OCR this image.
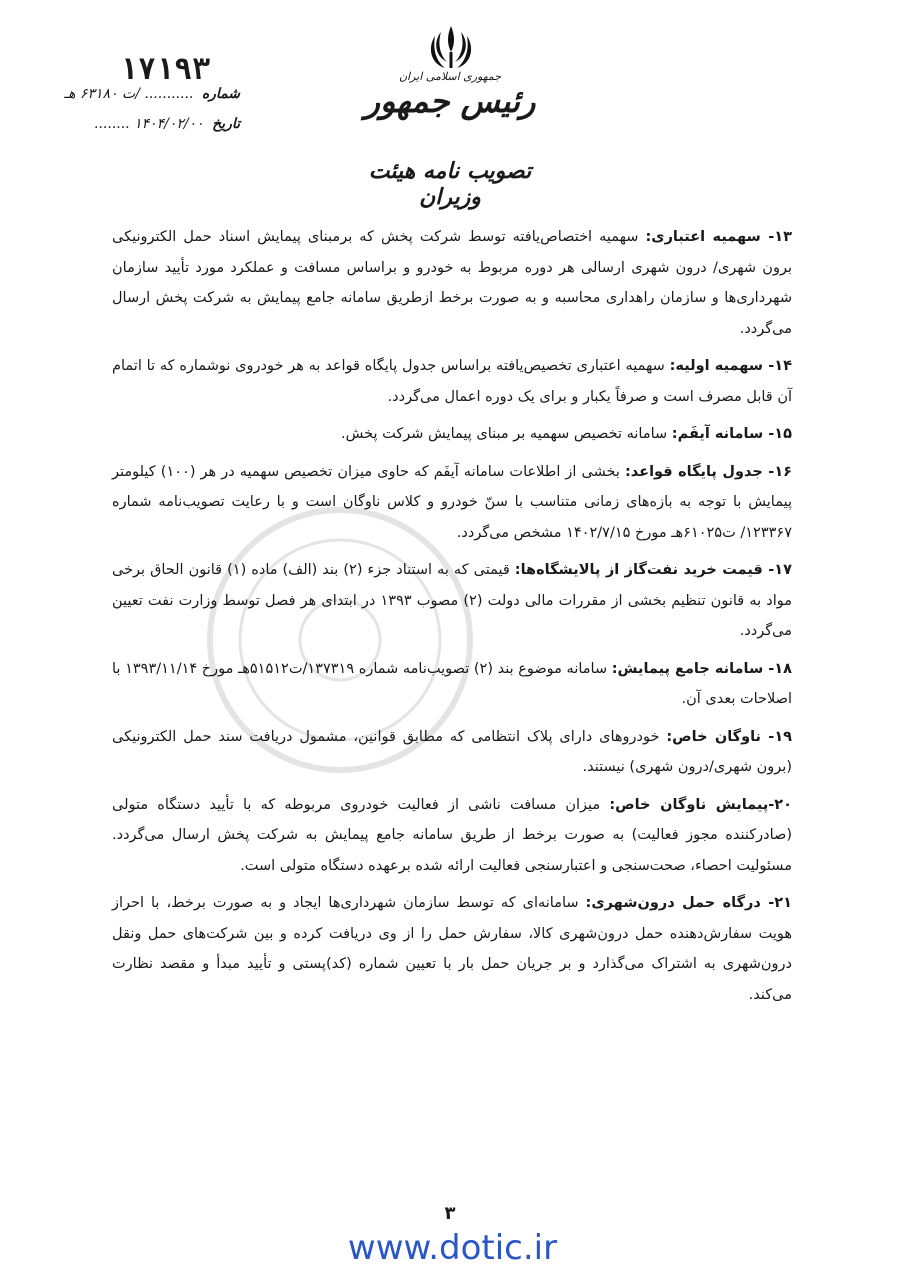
جمهوری اسلامی ایران
رئیس جمهور
تصویب نامه هیئت وزیران
۱۷۱۹۳
شماره ........... /ت ۶۳۱۸۰ هـ
تاریخ ۱۴۰۴/۰۲/۰۰ ........

۱۳- سهمیه اعتباری: سهمیه اختصاص‌یافته توسط شرکت پخش که برمبنای پیمایش اسناد حمل الکترونیکی برون شهری/ درون شهری ارسالی هر دوره مربوط به خودرو و براساس مسافت و عملکرد مورد تأیید سازمان شهرداری‌ها و سازمان راهداری محاسبه و به صورت برخط ازطریق سامانه جامع پیمایش به شرکت پخش ارسال می‌گردد.

۱۴- سهمیه اولیه: سهمیه اعتباری تخصیص‌یافته براساس جدول پایگاه قواعد به هر خودروی نوشماره که تا اتمام آن قابل مصرف است و صرفاً یکبار و برای یک دوره اعمال می‌گردد.

۱۵- سامانه آیفَم: سامانه تخصیص سهمیه بر مبنای پیمایش شرکت پخش.

۱۶- جدول پایگاه قواعد: بخشی از اطلاعات سامانه آیفَم که حاوی میزان تخصیص سهمیه در هر (۱۰۰) کیلومتر پیمایش با توجه به بازه‌های زمانی متناسب با سنّ خودرو و کلاس ناوگان است و با رعایت تصویب‌نامه شماره ۱۲۳۳۶۷/ ت۶۱۰۲۵هـ مورخ ۱۴۰۲/۷/۱۵ مشخص می‌گردد.

۱۷- قیمت خرید نفت‌گاز از پالایشگاه‌ها: قیمتی که به استناد جزء (۲) بند (الف) ماده (۱) قانون الحاق برخی مواد به قانون تنظیم بخشی از مقررات مالی دولت (۲) مصوب ۱۳۹۳ در ابتدای هر فصل توسط وزارت نفت تعیین می‌گردد.

۱۸- سامانه جامع پیمایش: سامانه موضوع بند (۲) تصویب‌نامه شماره ۱۳۷۳۱۹/ت۵۱۵۱۲هـ مورخ ۱۳۹۳/۱۱/۱۴ با اصلاحات بعدی آن.

۱۹- ناوگان خاص: خودروهای دارای پلاک انتظامی که مطابق قوانین، مشمول دریافت سند حمل الکترونیکی (برون شهری/درون شهری) نیستند.

۲۰-پیمایش ناوگان خاص: میزان مسافت ناشی از فعالیت خودروی مربوطه که با تأیید دستگاه متولی (صادرکننده مجوز فعالیت) به صورت برخط از طریق سامانه جامع پیمایش به شرکت پخش ارسال می‌گردد. مسئولیت احصاء، صحت‌سنجی و اعتبارسنجی فعالیت ارائه شده برعهده دستگاه متولی است.

۲۱- درگاه حمل درون‌شهری: سامانه‌ای که توسط سازمان شهرداری‌ها ایجاد و به صورت برخط، با احراز هویت سفارش‌دهنده حمل درون‌شهری کالا، سفارش حمل را از وی دریافت کرده و بین شرکت‌های حمل ونقل درون‌شهری به اشتراک می‌گذارد و بر جریان حمل بار با تعیین شماره (کد)پستی و تأیید مبدأ و مقصد نظارت می‌کند.

۳
www.dotic.ir
